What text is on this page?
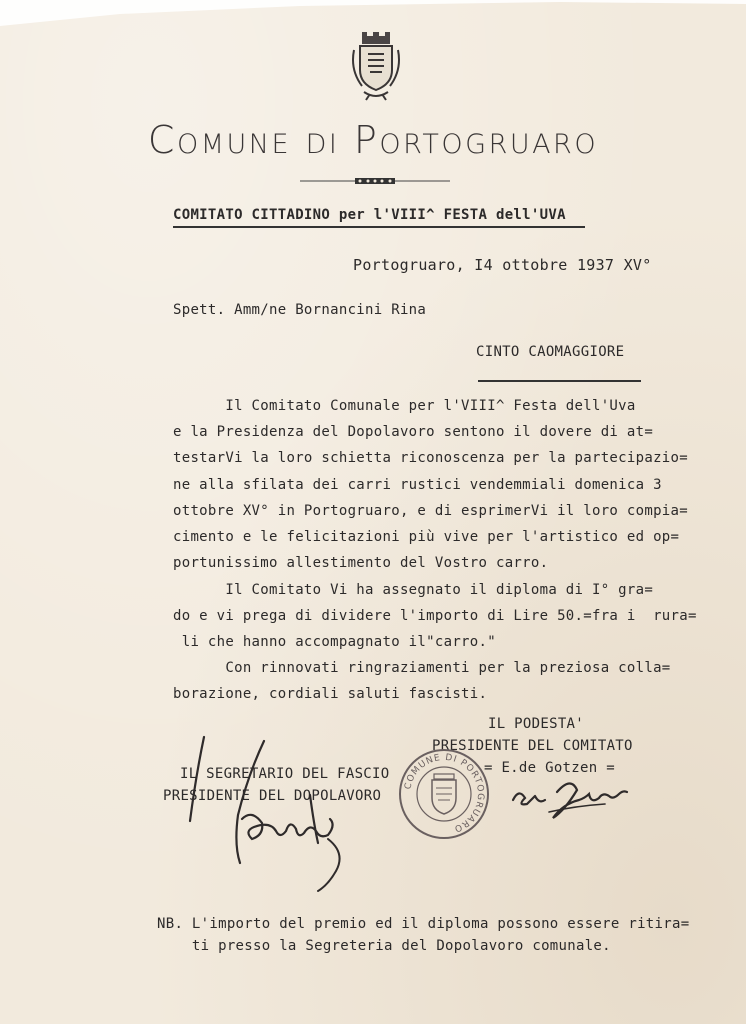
Comune di Portogruaro
COMITATO CITTADINO per l'VIII^ FESTA dell'UVA
Portogruaro, I4 ottobre 1937 XV°
Spett. Amm/ne Bornancini Rina
CINTO CAOMAGGIORE
Il Comitato Comunale per l'VIII^ Festa dell'Uva
e la Presidenza del Dopolavoro sentono il dovere di at=
testarVi la loro schietta riconoscenza per la partecipazio=
ne alla sfilata dei carri rustici vendemmiali domenica 3
ottobre XV° in Portogruaro, e di esprimerVi il loro compia=
cimento e le felicitazioni più vive per l'artistico ed op=
portunissimo allestimento del Vostro carro.
Il Comitato Vi ha assegnato il diploma di I° gra=
do e vi prega di dividere l'importo di Lire 50.=fra i  rura=
li che hanno accompagnato il"carro."
Con rinnovati ringraziamenti per la preziosa colla=
borazione, cordiali saluti fascisti.
IL PODESTA'
PRESIDENTE DEL COMITATO
= E.de Gotzen =
IL SEGRETARIO DEL FASCIO
PRESIDENTE DEL DOPOLAVORO
COMUNE DI PORTOGRUARO
NB. L'importo del premio ed il diploma possono essere ritira=
ti presso la Segreteria del Dopolavoro comunale.
